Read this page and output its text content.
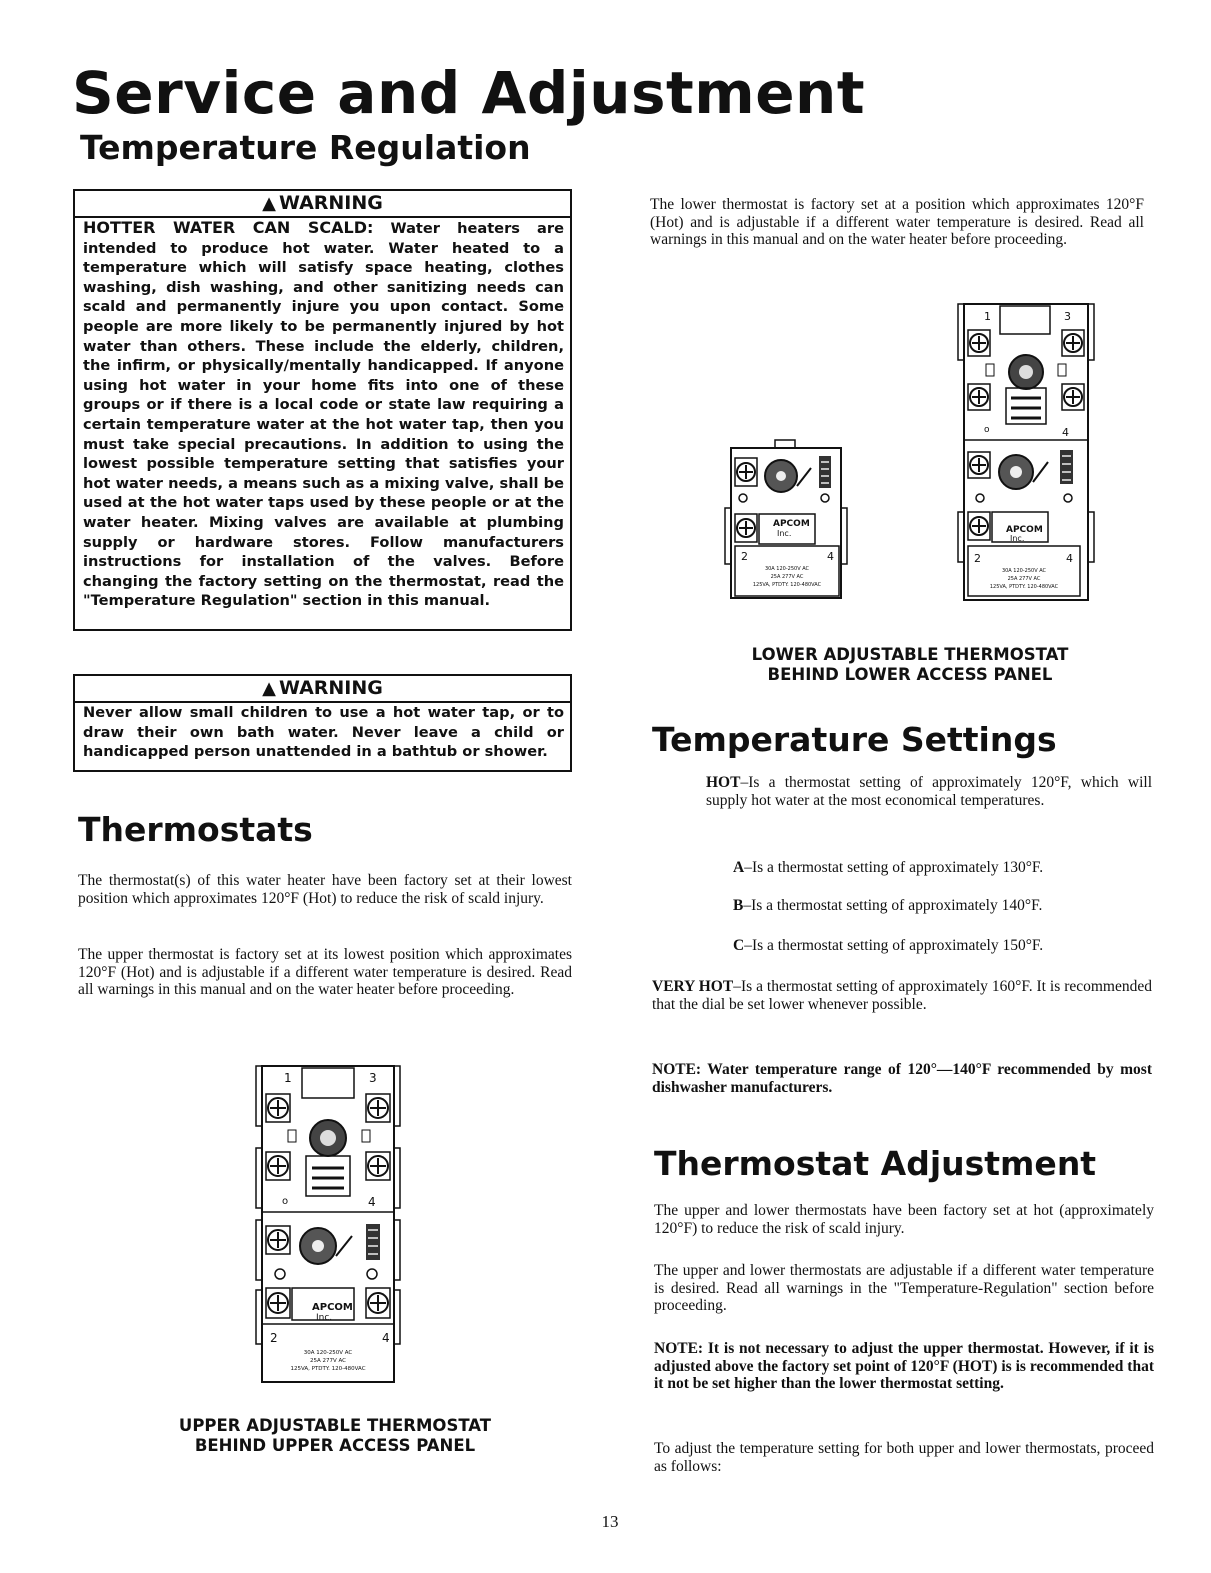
Service and Adjustment
Temperature Regulation
▲ WARNING

HOTTER WATER CAN SCALD: Water heaters are intended to produce hot water. Water heated to a temperature which will satisfy space heating, clothes washing, dish washing, and other sanitizing needs can scald and permanently injure you upon contact. Some people are more likely to be permanently injured by hot water than others. These include the elderly, children, the infirm, or physically/mentally handicapped. If anyone using hot water in your home fits into one of these groups or if there is a local code or state law requiring a certain temperature water at the hot water tap, then you must take special precautions. In addition to using the lowest possible temperature setting that satisfies your hot water needs, a means such as a mixing valve, shall be used at the hot water taps used by these people or at the water heater. Mixing valves are available at plumbing supply or hardware stores. Follow manufacturers instructions for installation of the valves. Before changing the factory setting on the thermostat, read the "Temperature Regulation" section in this manual.

▲ WARNING

Never allow small children to use a hot water tap, or to draw their own bath water. Never leave a child or handicapped person unattended in a bathtub or shower.

Thermostats

The thermostat(s) of this water heater have been factory set at their lowest position which approximates 120°F (Hot) to reduce the risk of scald injury.

The upper thermostat is factory set at its lowest position which approximates 120°F (Hot) and is adjustable if a different water temperature is desired. Read all warnings in this manual and on the water heater before proceeding.

1	3
o	4
APCOM
Inc.
2	4
30A 120-250V AC
25A 277V AC
125VA, PTDTY. 120-480VAC

UPPER ADJUSTABLE THERMOSTAT
BEHIND UPPER ACCESS PANEL

The lower thermostat is factory set at a position which approximates 120°F (Hot) and is adjustable if a different water temperature is desired. Read all warnings in this manual and on the water heater before proceeding.

APCOM
Inc.
2	4
30A 120-250V AC
25A 277V AC
125VA, PTDTY. 120-480VAC
1	3
o	4
APCOM
Inc.
2	4
30A 120-250V AC
25A 277V AC
125VA, PTDTY. 120-480VAC

LOWER ADJUSTABLE THERMOSTAT
BEHIND LOWER ACCESS PANEL

Temperature Settings

HOT–Is a thermostat setting of approximately 120°F, which will supply hot water at the most economical temperatures.

A–Is a thermostat setting of approximately 130°F.

B–Is a thermostat setting of approximately 140°F.

C–Is a thermostat setting of approximately 150°F.

VERY HOT–Is a thermostat setting of approximately 160°F. It is recommended that the dial be set lower whenever possible.

NOTE: Water temperature range of 120°—140°F recommended by most dishwasher manufacturers.

Thermostat Adjustment

The upper and lower thermostats have been factory set at hot (approximately 120°F) to reduce the risk of scald injury.

The upper and lower thermostats are adjustable if a different water temperature is desired. Read all warnings in the "Temperature-Regulation" section before proceeding.

NOTE: It is not necessary to adjust the upper thermostat. However, if it is adjusted above the factory set point of 120°F (HOT) is is recommended that it not be set higher than the lower thermostat setting.

To adjust the temperature setting for both upper and lower thermostats, proceed as follows:

13
